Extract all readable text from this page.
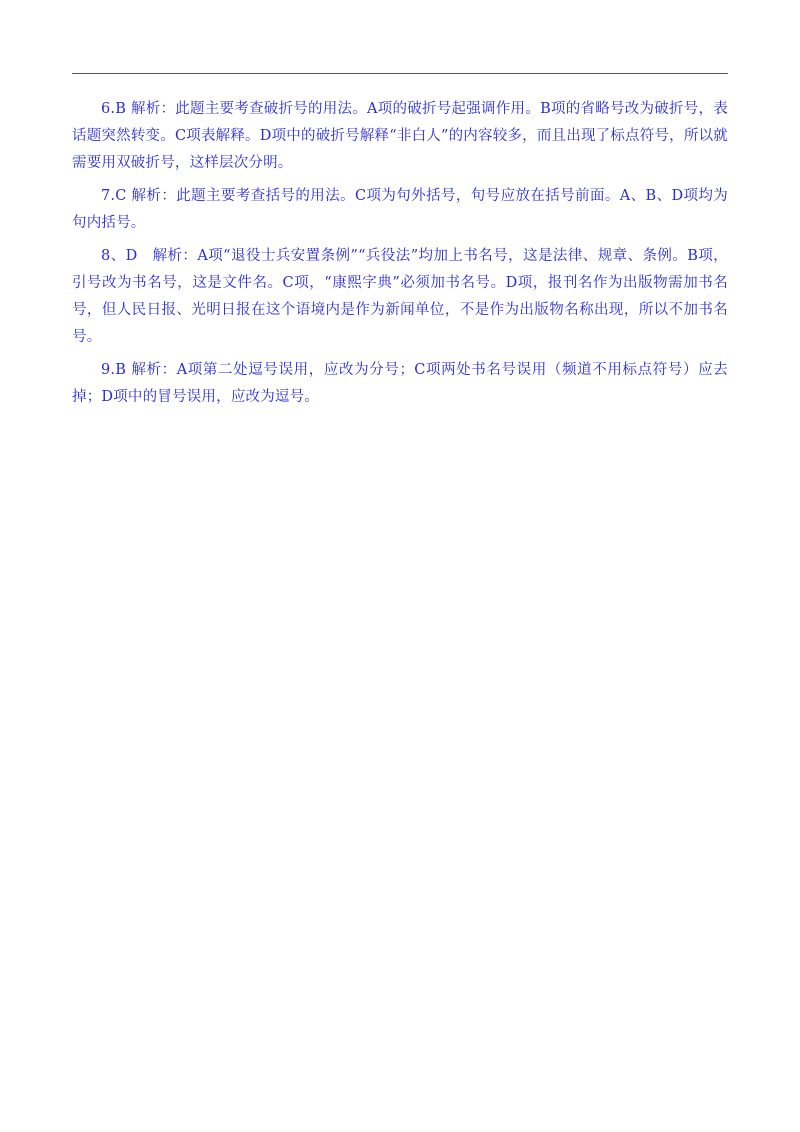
6.B 解析：此题主要考查破折号的用法。A项的破折号起强调作用。B项的省略号改为破折号，表话题突然转变。C项表解释。D项中的破折号解释“非白人”的内容较多，而且出现了标点符号，所以就需要用双破折号，这样层次分明。

7.C 解析：此题主要考查括号的用法。C项为句外括号，句号应放在括号前面。A、B、D项均为句内括号。

8、D　解析：A项“退役士兵安置条例”“兵役法”均加上书名号，这是法律、规章、条例。B项，引号改为书名号，这是文件名。C项，“康熙字典”必须加书名号。D项，报刊名作为出版物需加书名号，但人民日报、光明日报在这个语境内是作为新闻单位，不是作为出版物名称出现，所以不加书名号。

9.B 解析：A项第二处逗号误用，应改为分号；C项两处书名号误用（频道不用标点符号）应去掉；D项中的冒号误用，应改为逗号。
